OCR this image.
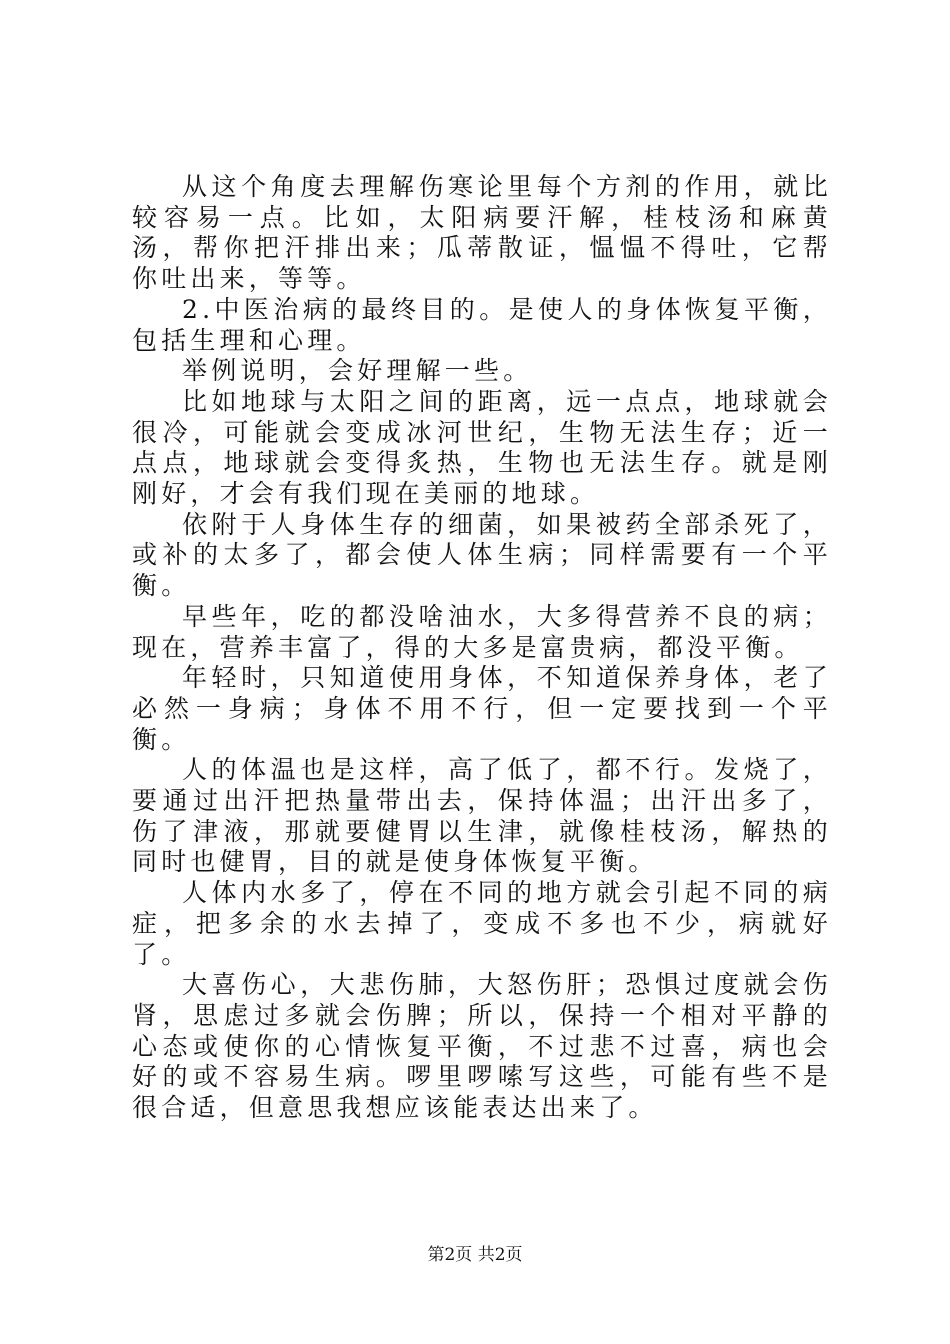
从这个角度去理解伤寒论里每个方剂的作用，就比较容易一点。比如，太阳病要汗解，桂枝汤和麻黄汤，帮你把汗排出来；瓜蒂散证，愠愠不得吐，它帮你吐出来，等等。

2.中医治病的最终目的。是使人的身体恢复平衡，包括生理和心理。

举例说明，会好理解一些。

比如地球与太阳之间的距离，远一点点，地球就会很冷，可能就会变成冰河世纪，生物无法生存；近一点点，地球就会变得炙热，生物也无法生存。就是刚刚好，才会有我们现在美丽的地球。

依附于人身体生存的细菌，如果被药全部杀死了，或补的太多了，都会使人体生病；同样需要有一个平衡。

早些年，吃的都没啥油水，大多得营养不良的病；现在，营养丰富了，得的大多是富贵病，都没平衡。

年轻时，只知道使用身体，不知道保养身体，老了必然一身病；身体不用不行，但一定要找到一个平衡。

人的体温也是这样，高了低了，都不行。发烧了，要通过出汗把热量带出去，保持体温；出汗出多了，伤了津液，那就要健胃以生津，就像桂枝汤，解热的同时也健胃，目的就是使身体恢复平衡。

人体内水多了，停在不同的地方就会引起不同的病症，把多余的水去掉了，变成不多也不少，病就好了。

大喜伤心，大悲伤肺，大怒伤肝；恐惧过度就会伤肾，思虑过多就会伤脾；所以，保持一个相对平静的心态或使你的心情恢复平衡，不过悲不过喜，病也会好的或不容易生病。啰里啰嗦写这些，可能有些不是很合适，但意思我想应该能表达出来了。

第2页 共2页
